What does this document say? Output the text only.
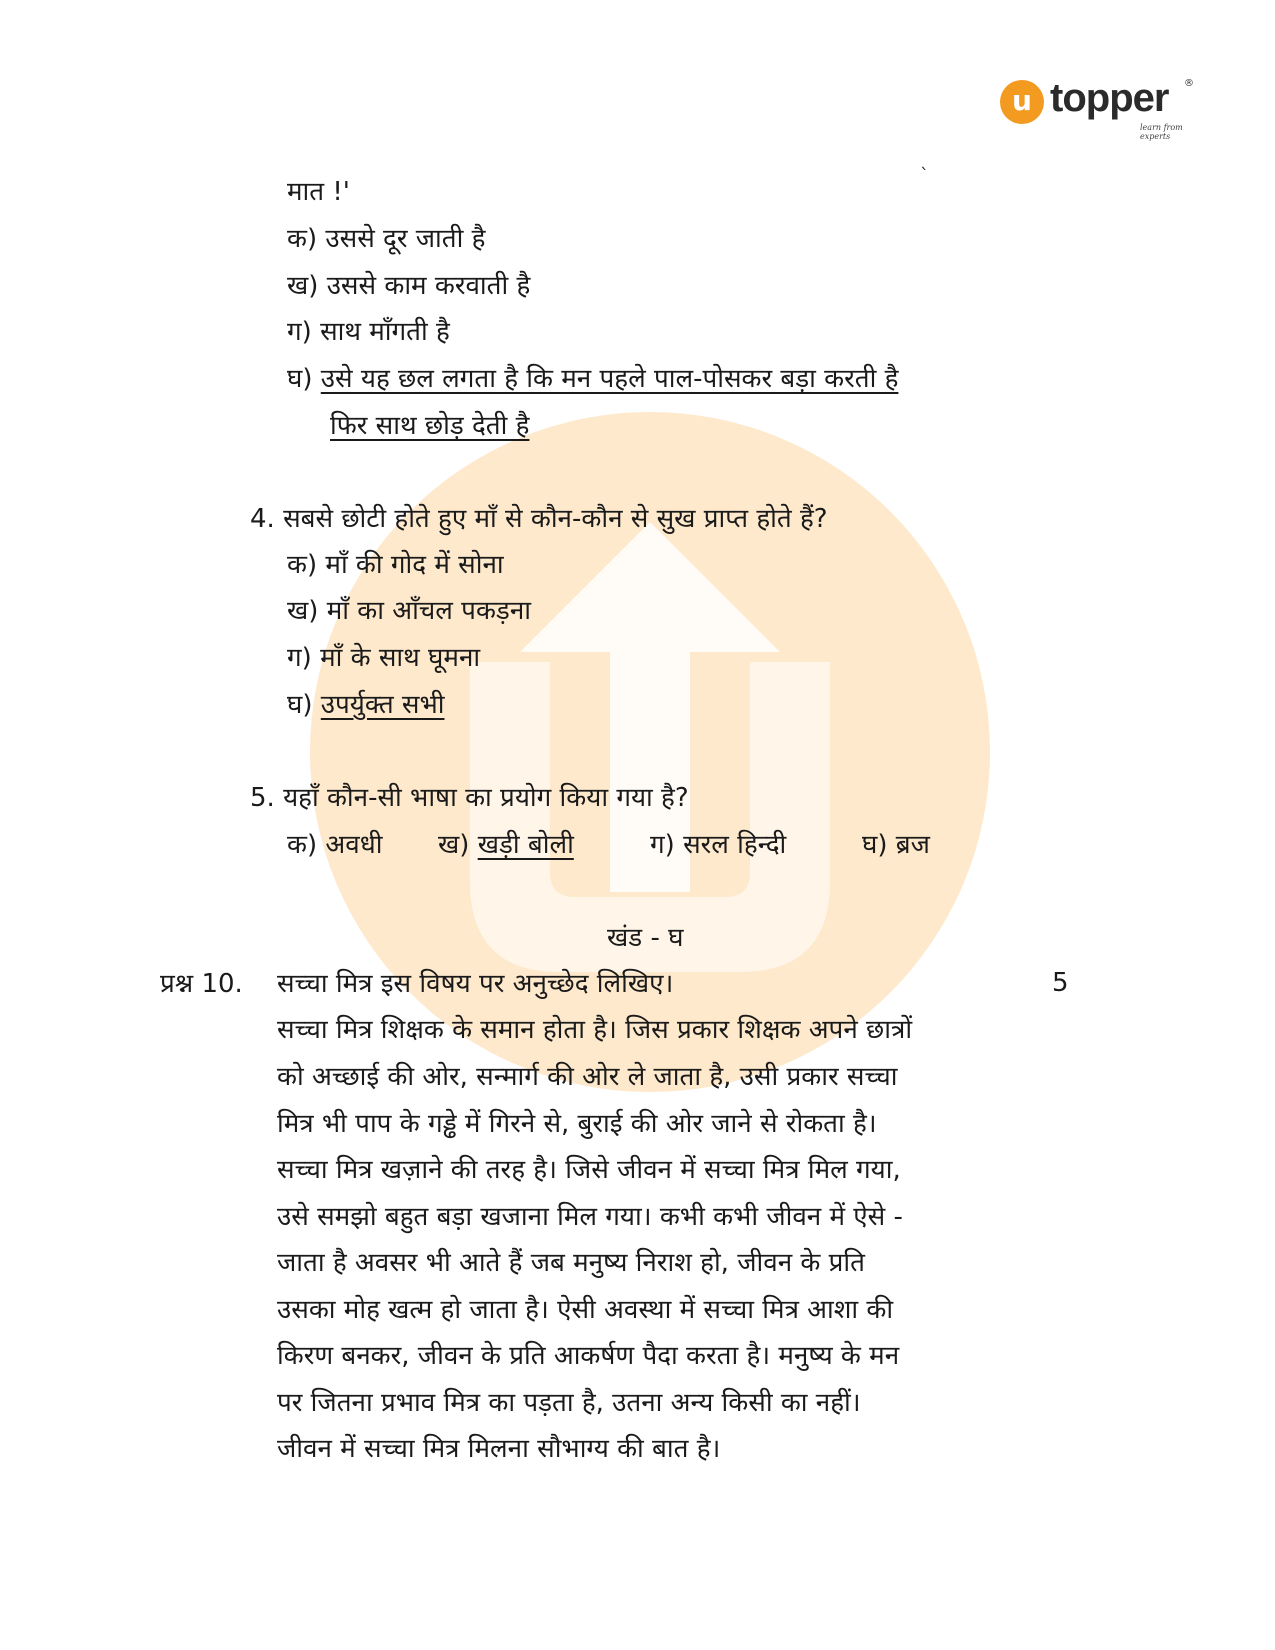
u topper ®
learn from experts
ˎ
मात !'
क) उससे दूर जाती है
ख) उससे काम करवाती है
ग) साथ माँगती है
घ) उसे यह छल लगता है कि मन पहले पाल-पोसकर बड़ा करती है
फिर साथ छोड़ देती है
4. सबसे छोटी होते हुए माँ से कौन-कौन से सुख प्राप्त होते हैं?
क) माँ की गोद में सोना
ख) माँ का आँचल पकड़ना
ग) माँ के साथ घूमना
घ) उपर्युक्त सभी
5. यहाँ कौन-सी भाषा का प्रयोग किया गया है?
क) अवधी ख) खड़ी बोली	ग) सरल हिन्दी	घ) ब्रज
खंड - घ
प्रश्न 10. सच्चा मित्र इस विषय पर अनुच्छेद लिखिए।	5
सच्चा मित्र शिक्षक के समान होता है। जिस प्रकार शिक्षक अपने छात्रों
को अच्छाई की ओर, सन्मार्ग की ओर ले जाता है, उसी प्रकार सच्चा
मित्र भी पाप के गड्ढे में गिरने से, बुराई की ओर जाने से रोकता है।
सच्चा मित्र खज़ाने की तरह है। जिसे जीवन में सच्चा मित्र मिल गया,
उसे समझो बहुत बड़ा खजाना मिल गया। कभी कभी जीवन में ऐसे -
जाता है अवसर भी आते हैं जब मनुष्य निराश हो, जीवन के प्रति
उसका मोह खत्म हो जाता है। ऐसी अवस्था में सच्चा मित्र आशा की
किरण बनकर, जीवन के प्रति आकर्षण पैदा करता है। मनुष्य के मन
पर जितना प्रभाव मित्र का पड़ता है, उतना अन्य किसी का नहीं।
जीवन में सच्चा मित्र मिलना सौभाग्य की बात है।
